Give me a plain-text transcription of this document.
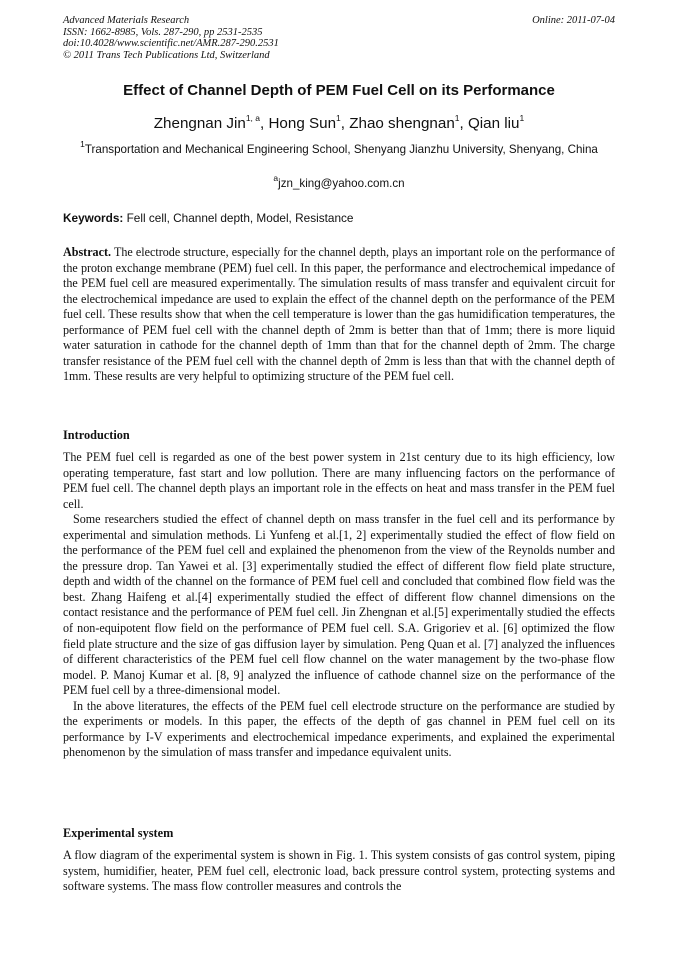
Advanced Materials Research	Online: 2011-07-04
ISSN: 1662-8985, Vols. 287-290, pp 2531-2535
doi:10.4028/www.scientific.net/AMR.287-290.2531
© 2011 Trans Tech Publications Ltd, Switzerland
Effect of Channel Depth of PEM Fuel Cell on its Performance
Zhengnan Jin$^{1, a}$, Hong Sun$^1$, Zhao shengnan$^1$, Qian liu$^1$
$^1$Transportation and Mechanical Engineering School, Shenyang Jianzhu University, Shenyang, China
$^a$jzn_king@yahoo.com.cn
Keywords: Fell cell, Channel depth, Model, Resistance

Abstract. The electrode structure, especially for the channel depth, plays an important role on the performance of the proton exchange membrane (PEM) fuel cell. In this paper, the performance and electrochemical impedance of the PEM fuel cell are measured experimentally. The simulation results of mass transfer and equivalent circuit for the electrochemical impedance are used to explain the effect of the channel depth on the performance of the PEM fuel cell. These results show that when the cell temperature is lower than the gas humidification temperatures, the performance of PEM fuel cell with the channel depth of 2mm is better than that of 1mm; there is more liquid water saturation in cathode for the channel depth of 1mm than that for the channel depth of 2mm. The charge transfer resistance of the PEM fuel cell with the channel depth of 2mm is less than that with the channel depth of 1mm. These results are very helpful to optimizing structure of the PEM fuel cell.

Introduction

The PEM fuel cell is regarded as one of the best power system in 21st century due to its high efficiency, low operating temperature, fast start and low pollution. There are many influencing factors on the performance of PEM fuel cell. The channel depth plays an important role in the effects on heat and mass transfer in the PEM fuel cell.

Some researchers studied the effect of channel depth on mass transfer in the fuel cell and its performance by experimental and simulation methods. Li Yunfeng et al.[1, 2] experimentally studied the effect of flow field on the performance of the PEM fuel cell and explained the phenomenon from the view of the Reynolds number and the pressure drop. Tan Yawei et al. [3] experimentally studied the effect of different flow field plate structure, depth and width of the channel on the formance of PEM fuel cell and concluded that combined flow field was the best. Zhang Haifeng et al.[4] experimentally studied the effect of different flow channel dimensions on the contact resistance and the performance of PEM fuel cell. Jin Zhengnan et al.[5] experimentally studied the effects of non-equipotent flow field on the performance of PEM fuel cell. S.A. Grigoriev et al. [6] optimized the flow field plate structure and the size of gas diffusion layer by simulation. Peng Quan et al. [7] analyzed the influences of different characteristics of the PEM fuel cell flow channel on the water management by the two-phase flow model. P. Manoj Kumar et al. [8, 9] analyzed the influence of cathode channel size on the performance of the PEM fuel cell by a three-dimensional model.

In the above literatures, the effects of the PEM fuel cell electrode structure on the performance are studied by the experiments or models. In this paper, the effects of the depth of gas channel in PEM fuel cell on its performance by I-V experiments and electrochemical impedance experiments, and explained the experimental phenomenon by the simulation of mass transfer and impedance equivalent units.

Experimental system

A flow diagram of the experimental system is shown in Fig. 1. This system consists of gas control system, piping system, humidifier, heater, PEM fuel cell, electronic load, back pressure control system, protecting systems and software systems. The mass flow controller measures and controls the
